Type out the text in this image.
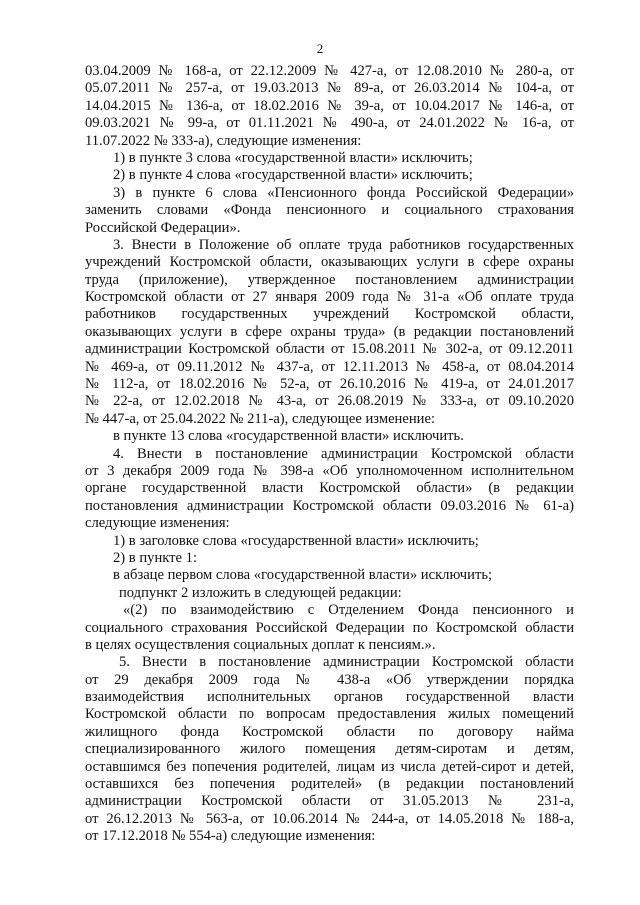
2
03.04.2009 № 168-а, от 22.12.2009 № 427-а, от 12.08.2010 № 280-а, от
05.07.2011 № 257-а, от 19.03.2013 № 89-а, от 26.03.2014 № 104-а, от
14.04.2015 № 136-а, от 18.02.2016 № 39-а, от 10.04.2017 № 146-а, от
09.03.2021 № 99-а, от 01.11.2021 № 490-а, от 24.01.2022 № 16-а, от
11.07.2022 № 333-а), следующие изменения:
1) в пункте 3 слова «государственной власти» исключить;
2) в пункте 4 слова «государственной власти» исключить;
3) в пункте 6 слова «Пенсионного фонда Российской Федерации»
заменить словами «Фонда пенсионного и социального страхования
Российской Федерации».
3. Внести в Положение об оплате труда работников государственных
учреждений Костромской области, оказывающих услуги в сфере охраны
труда (приложение), утвержденное постановлением администрации
Костромской области от 27 января 2009 года № 31-а «Об оплате труда
работников государственных учреждений Костромской области,
оказывающих услуги в сфере охраны труда» (в редакции постановлений
администрации Костромской области от 15.08.2011 № 302-а, от 09.12.2011
№ 469-а, от 09.11.2012 № 437-а, от 12.11.2013 № 458-а, от 08.04.2014
№ 112-а, от 18.02.2016 № 52-а, от 26.10.2016 № 419-а, от 24.01.2017
№ 22-а, от 12.02.2018 № 43-а, от 26.08.2019 № 333-а, от 09.10.2020
№ 447-а, от 25.04.2022 № 211-а), следующее изменение:
в пункте 13 слова «государственной власти» исключить.
4. Внести в постановление администрации Костромской области
от 3 декабря 2009 года № 398-а «Об уполномоченном исполнительном
органе государственной власти Костромской области» (в редакции
постановления администрации Костромской области 09.03.2016 № 61-а)
следующие изменения:
1) в заголовке слова «государственной власти» исключить;
2) в пункте 1:
в абзаце первом слова «государственной власти» исключить;
подпункт 2 изложить в следующей редакции:
«(2) по взаимодействию с Отделением Фонда пенсионного и
социального страхования Российской Федерации по Костромской области
в целях осуществления социальных доплат к пенсиям.».
5. Внести в постановление администрации Костромской области
от 29 декабря 2009 года № 438-а «Об утверждении порядка
взаимодействия исполнительных органов государственной власти
Костромской области по вопросам предоставления жилых помещений
жилищного фонда Костромской области по договору найма
специализированного жилого помещения детям-сиротам и детям,
оставшимся без попечения родителей, лицам из числа детей-сирот и детей,
оставшихся без попечения родителей» (в редакции постановлений
администрации Костромской области от 31.05.2013 № 231-а,
от 26.12.2013 № 563-а, от 10.06.2014 № 244-а, от 14.05.2018 № 188-а,
от 17.12.2018 № 554-а) следующие изменения:
